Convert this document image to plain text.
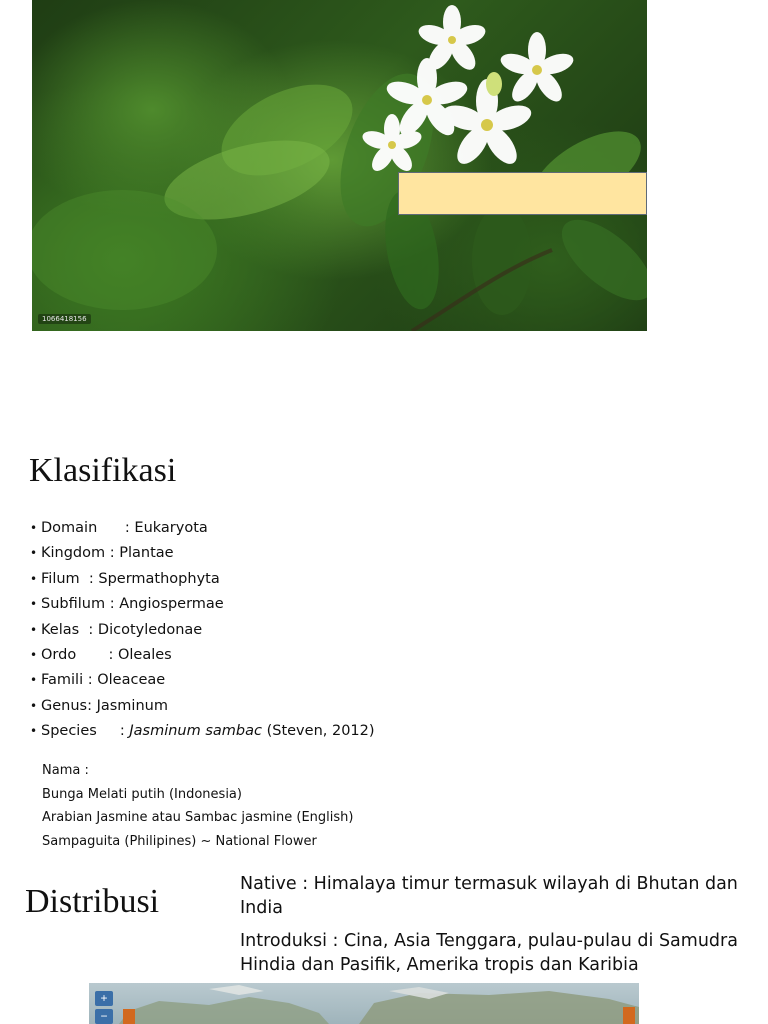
1066418156
Klasifikasi
• Domain      : Eukaryota
• Kingdom : Plantae
• Filum  : Spermathophyta
• Subfilum : Angiospermae
• Kelas  : Dicotyledonae
• Ordo       : Oleales
• Famili : Oleaceae
• Genus: Jasminum
• Species     : Jasminum sambac (Steven, 2012)
Nama :
Bunga Melati putih (Indonesia)
Arabian Jasmine atau Sambac jasmine (English)
Sampaguita (Philipines) ~ National Flower
Distribusi	Native : Himalaya timur termasuk wilayah di Bhutan dan India
Introduksi : Cina, Asia Tenggara, pulau-pulau di Samudra Hindia dan Pasifik, Amerika tropis dan Karibia
+
−
